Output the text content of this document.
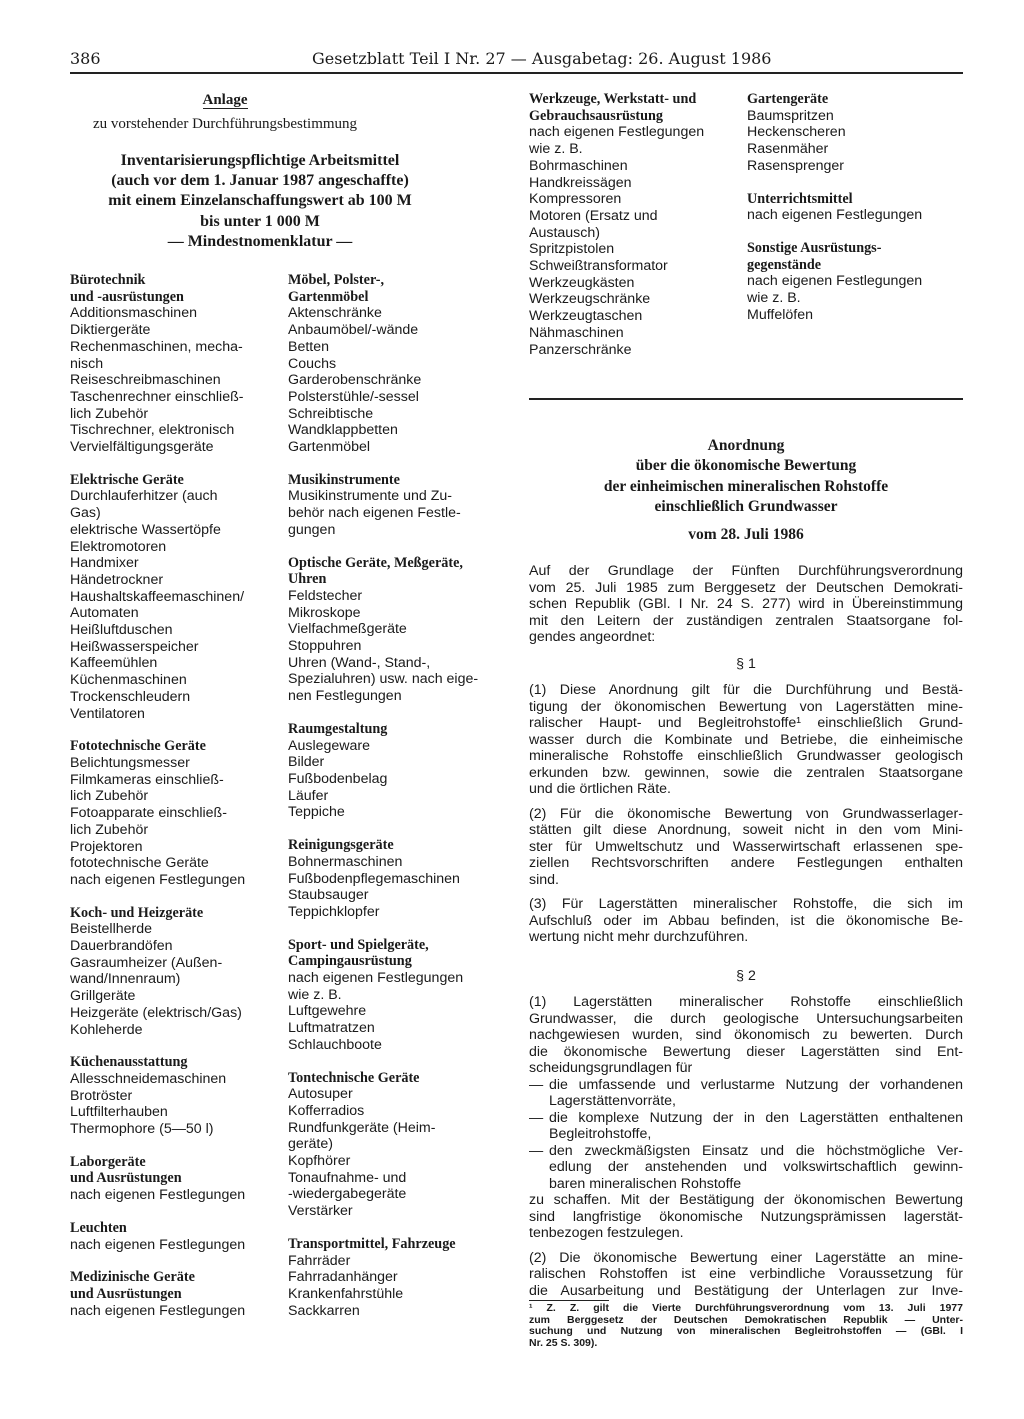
386	Gesetzblatt Teil I Nr. 27 — Ausgabetag: 26. August 1986
Anlage
zu vorstehender Durchführungsbestimmung
Inventarisierungspflichtige Arbeitsmittel
(auch vor dem 1. Januar 1987 angeschaffte)
mit einem Einzelanschaffungswert ab 100 M
bis unter 1 000 M
— Mindestnomenklatur —
Bürotechnik
und -ausrüstungen
Additionsmaschinen
Diktiergeräte
Rechenmaschinen, mecha-
nisch
Reiseschreibmaschinen
Taschenrechner einschließ-
lich Zubehör
Tischrechner, elektronisch
Vervielfältigungsgeräte
Elektrische Geräte
Durchlauferhitzer (auch
Gas)
elektrische Wassertöpfe
Elektromotoren
Handmixer
Händetrockner
Haushaltskaffeemaschinen/
Automaten
Heißluftduschen
Heißwasserspeicher
Kaffeemühlen
Küchenmaschinen
Trockenschleudern
Ventilatoren
Fototechnische Geräte
Belichtungsmesser
Filmkameras einschließ-
lich Zubehör
Fotoapparate einschließ-
lich Zubehör
Projektoren
fototechnische Geräte
nach eigenen Festlegungen
Koch- und Heizgeräte
Beistellherde
Dauerbrandöfen
Gasraumheizer (Außen-
wand/Innenraum)
Grillgeräte
Heizgeräte (elektrisch/Gas)
Kohleherde
Küchenausstattung
Allesschneidemaschinen
Brotröster
Luftfilterhauben
Thermophore (5—50 l)
Laborgeräte
und Ausrüstungen
nach eigenen Festlegungen
Leuchten
nach eigenen Festlegungen
Medizinische Geräte
und Ausrüstungen
nach eigenen Festlegungen
Möbel, Polster-,
Gartenmöbel
Aktenschränke
Anbaumöbel/-wände
Betten
Couchs
Garderobenschränke
Polsterstühle/-sessel
Schreibtische
Wandklappbetten
Gartenmöbel
Musikinstrumente
Musikinstrumente und Zu-
behör nach eigenen Festle-
gungen
Optische Geräte, Meßgeräte,
Uhren
Feldstecher
Mikroskope
Vielfachmeßgeräte
Stoppuhren
Uhren (Wand-, Stand-,
Spezialuhren) usw. nach eige-
nen Festlegungen
Raumgestaltung
Auslegeware
Bilder
Fußbodenbelag
Läufer
Teppiche
Reinigungsgeräte
Bohnermaschinen
Fußbodenpflegemaschinen
Staubsauger
Teppichklopfer
Sport- und Spielgeräte,
Campingausrüstung
nach eigenen Festlegungen
wie z. B.
Luftgewehre
Luftmatratzen
Schlauchboote
Tontechnische Geräte
Autosuper
Kofferradios
Rundfunkgeräte (Heim-
geräte)
Kopfhörer
Tonaufnahme- und
-wiedergabegeräte
Verstärker
Transportmittel, Fahrzeuge
Fahrräder
Fahrradanhänger
Krankenfahrstühle
Sackkarren
Werkzeuge, Werkstatt- und
Gebrauchsausrüstung
nach eigenen Festlegungen
wie z. B.
Bohrmaschinen
Handkreissägen
Kompressoren
Motoren (Ersatz und
Austausch)
Spritzpistolen
Schweißtransformator
Werkzeugkästen
Werkzeugschränke
Werkzeugtaschen
Nähmaschinen
Panzerschränke
Gartengeräte
Baumspritzen
Heckenscheren
Rasenmäher
Rasensprenger
Unterrichtsmittel
nach eigenen Festlegungen
Sonstige Ausrüstungs-
gegenstände
nach eigenen Festlegungen
wie z. B.
Muffelöfen
Anordnung
über die ökonomische Bewertung
der einheimischen mineralischen Rohstoffe
einschließlich Grundwasser
vom 28. Juli 1986
Auf der Grundlage der Fünften Durchführungsverordnung
vom 25. Juli 1985 zum Berggesetz der Deutschen Demokrati-
schen Republik (GBl. I Nr. 24 S. 277) wird in Übereinstimmung
mit den Leitern der zuständigen zentralen Staatsorgane fol-
gendes angeordnet:
§ 1
(1) Diese Anordnung gilt für die Durchführung und Bestä-
tigung der ökonomischen Bewertung von Lagerstätten mine-
ralischer Haupt- und Begleitrohstoffe¹ einschließlich Grund-
wasser durch die Kombinate und Betriebe, die einheimische
mineralische Rohstoffe einschließlich Grundwasser geologisch
erkunden bzw. gewinnen, sowie die zentralen Staatsorgane
und die örtlichen Räte.
(2) Für die ökonomische Bewertung von Grundwasserlager-
stätten gilt diese Anordnung, soweit nicht in den vom Mini-
ster für Umweltschutz und Wasserwirtschaft erlassenen spe-
ziellen Rechtsvorschriften andere Festlegungen enthalten
sind.
(3) Für Lagerstätten mineralischer Rohstoffe, die sich im
Aufschluß oder im Abbau befinden, ist die ökonomische Be-
wertung nicht mehr durchzuführen.
§ 2
(1) Lagerstätten mineralischer Rohstoffe einschließlich
Grundwasser, die durch geologische Untersuchungsarbeiten
nachgewiesen wurden, sind ökonomisch zu bewerten. Durch
die ökonomische Bewertung dieser Lagerstätten sind Ent-
scheidungsgrundlagen für
— die umfassende und verlustarme Nutzung der vorhandenen
Lagerstättenvorräte,
— die komplexe Nutzung der in den Lagerstätten enthaltenen
Begleitrohstoffe,
— den zweckmäßigsten Einsatz und die höchstmögliche Ver-
edlung der anstehenden und volkswirtschaftlich gewinn-
baren mineralischen Rohstoffe
zu schaffen. Mit der Bestätigung der ökonomischen Bewertung
sind langfristige ökonomische Nutzungsprämissen lagerstät-
tenbezogen festzulegen.
(2) Die ökonomische Bewertung einer Lagerstätte an mine-
ralischen Rohstoffen ist eine verbindliche Voraussetzung für
die Ausarbeitung und Bestätigung der Unterlagen zur Inve-
¹ Z. Z. gilt die Vierte Durchführungsverordnung vom 13. Juli 1977
zum Berggesetz der Deutschen Demokratischen Republik — Unter-
suchung und Nutzung von mineralischen Begleitrohstoffen — (GBl. I
Nr. 25 S. 309).
